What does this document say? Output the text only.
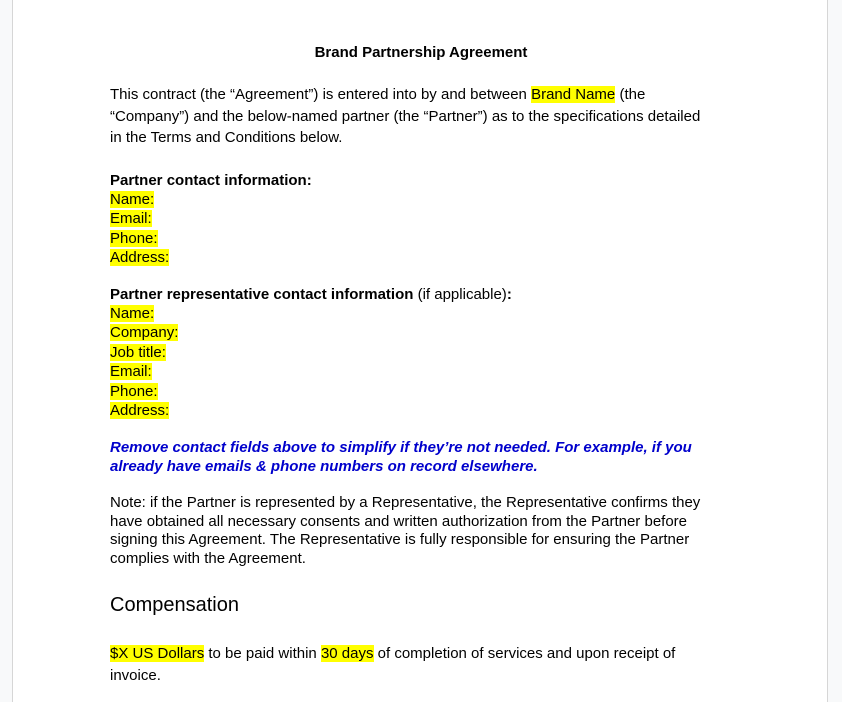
Brand Partnership Agreement

This contract (the “Agreement”) is entered into by and between Brand Name (the “Company”) and the below-named partner (the “Partner”) as to the specifications detailed in the Terms and Conditions below.

Partner contact information:

Name:
Email:
Phone:
Address:

Partner representative contact information (if applicable):

Name:
Company:
Job title:
Email:
Phone:
Address:

Remove contact fields above to simplify if they’re not needed. For example, if you already have emails & phone numbers on record elsewhere.

Note: if the Partner is represented by a Representative, the Representative confirms they have obtained all necessary consents and written authorization from the Partner before signing this Agreement. The Representative is fully responsible for ensuring the Partner complies with the Agreement.

Compensation

$X US Dollars to be paid within 30 days of completion of services and upon receipt of invoice.
